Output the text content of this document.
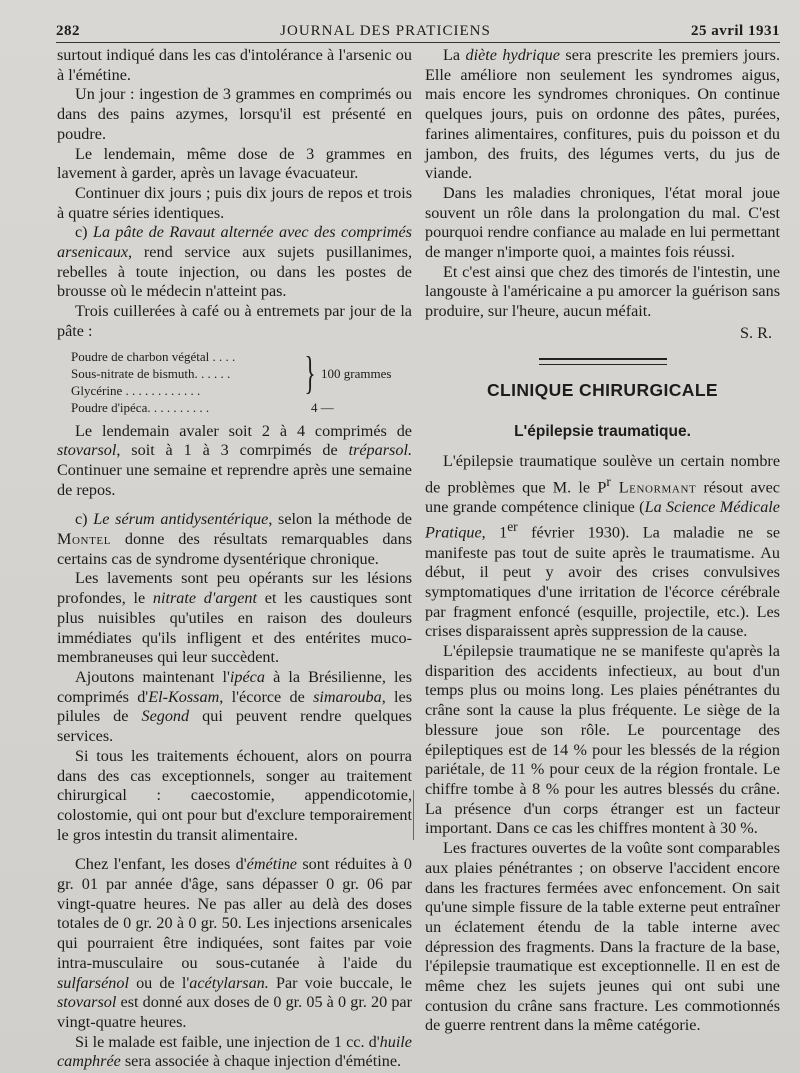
282	JOURNAL DES PRATICIENS	25 avril 1931

surtout indiqué dans les cas d'intolérance à l'arsenic ou à l'émétine.

Un jour : ingestion de 3 grammes en comprimés ou dans des pains azymes, lorsqu'il est présenté en poudre.

Le lendemain, même dose de 3 grammes en lavement à garder, après un lavage évacuateur.

Continuer dix jours ; puis dix jours de repos et trois à quatre séries identiques.

c) La pâte de Ravaut alternée avec des comprimés arsenicaux, rend service aux sujets pusillanimes, rebelles à toute injection, ou dans les postes de brousse où le médecin n'atteint pas.

Trois cuillerées à café ou à entremets par jour de la pâte :

Poudre de charbon végétal . . . .	} 100 grammes
Sous-nitrate de bismuth. . . . . .
Glycérine . . . . . . . . . . . .
Poudre d'ipéca. . . . . . . . . .	4 —

Le lendemain avaler soit 2 à 4 comprimés de stovarsol, soit à 1 à 3 comrpimés de tréparsol. Continuer une semaine et reprendre après une semaine de repos.

c) Le sérum antidysentérique, selon la méthode de Montel donne des résultats remarquables dans certains cas de syndrome dysentérique chronique.

Les lavements sont peu opérants sur les lésions profondes, le nitrate d'argent et les caustiques sont plus nuisibles qu'utiles en raison des douleurs immédiates qu'ils infligent et des entérites muco-membraneuses qui leur succèdent.

Ajoutons maintenant l'ipéca à la Brésilienne, les comprimés d'El-Kossam, l'écorce de simarouba, les pilules de Segond qui peuvent rendre quelques services.

Si tous les traitements échouent, alors on pourra dans des cas exceptionnels, songer au traitement chirurgical : caecostomie, appendicotomie, colostomie, qui ont pour but d'exclure temporairement le gros intestin du transit alimentaire.

Chez l'enfant, les doses d'émétine sont réduites à 0 gr. 01 par année d'âge, sans dépasser 0 gr. 06 par vingt-quatre heures. Ne pas aller au delà des doses totales de 0 gr. 20 à 0 gr. 50. Les injections arsenicales qui pourraient être indiquées, sont faites par voie intra-musculaire ou sous-cutanée à l'aide du sulfarsénol ou de l'acétylarsan. Par voie buccale, le stovarsol est donné aux doses de 0 gr. 05 à 0 gr. 20 par vingt-quatre heures.

Si le malade est faible, une injection de 1 cc. d'huile camphrée sera associée à chaque injection d'émétine.

La diète hydrique sera prescrite les premiers jours. Elle améliore non seulement les syndromes aigus, mais encore les syndromes chroniques. On continue quelques jours, puis on ordonne des pâtes, purées, farines alimentaires, confitures, puis du poisson et du jambon, des fruits, des légumes verts, du jus de viande.

Dans les maladies chroniques, l'état moral joue souvent un rôle dans la prolongation du mal. C'est pourquoi rendre confiance au malade en lui permettant de manger n'importe quoi, a maintes fois réussi.

Et c'est ainsi que chez des timorés de l'intestin, une langouste à l'américaine a pu amorcer la guérison sans produire, sur l'heure, aucun méfait.

S. R.
CLINIQUE CHIRURGICALE
L'épilepsie traumatique.

L'épilepsie traumatique soulève un certain nombre de problèmes que M. le $P^r$ Lenormant résout avec une grande compétence clinique (La Science Médicale Pratique, 1er février 1930). La maladie ne se manifeste pas tout de suite après le traumatisme. Au début, il peut y avoir des crises convulsives symptomatiques d'une irritation de l'écorce cérébrale par fragment enfoncé (esquille, projectile, etc.). Les crises disparaissent après suppression de la cause.

L'épilepsie traumatique ne se manifeste qu'après la disparition des accidents infectieux, au bout d'un temps plus ou moins long. Les plaies pénétrantes du crâne sont la cause la plus fréquente. Le siège de la blessure joue son rôle. Le pourcentage des épileptiques est de 14 % pour les blessés de la région pariétale, de 11 % pour ceux de la région frontale. Le chiffre tombe à 8 % pour les autres blessés du crâne. La présence d'un corps étranger est un facteur important. Dans ce cas les chiffres montent à 30 %.

Les fractures ouvertes de la voûte sont comparables aux plaies pénétrantes ; on observe l'accident encore dans les fractures fermées avec enfoncement. On sait qu'une simple fissure de la table externe peut entraîner un éclatement étendu de la table interne avec dépression des fragments. Dans la fracture de la base, l'épilepsie traumatique est exceptionnelle. Il en est de même chez les sujets jeunes qui ont subi une contusion du crâne sans fracture. Les commotionnés de guerre rentrent dans la même catégorie.
